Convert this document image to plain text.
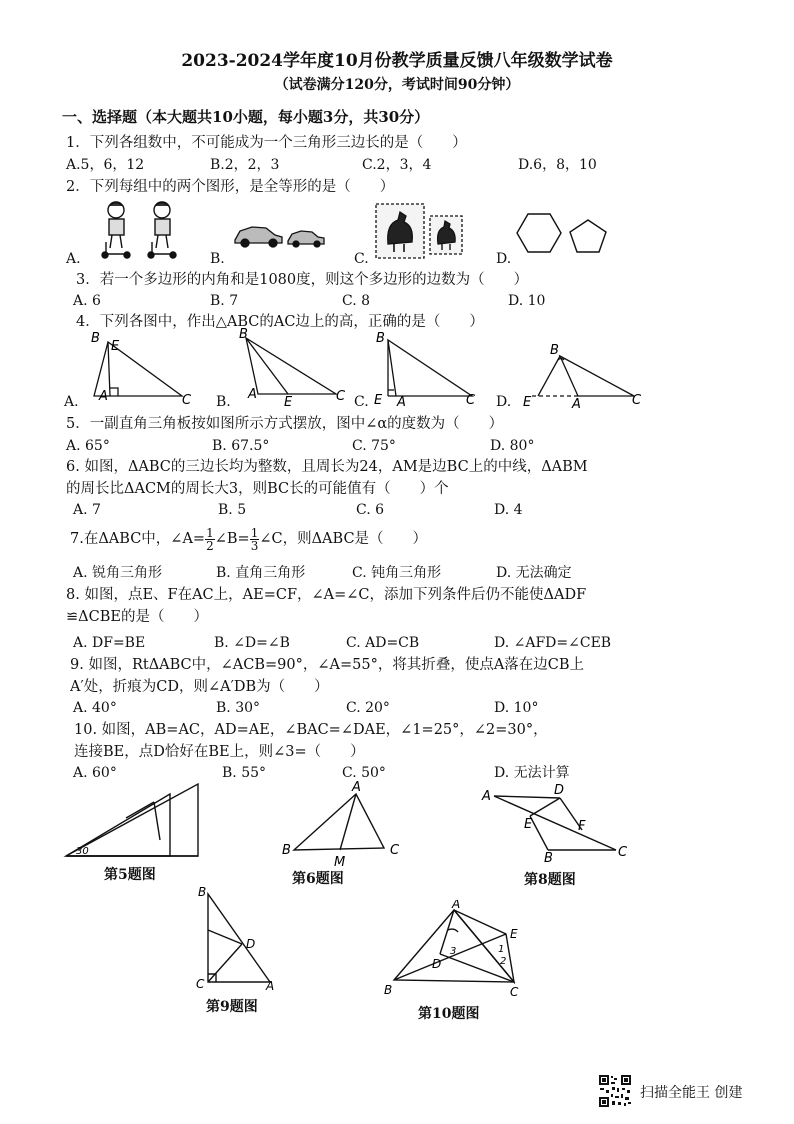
2023-2024学年度10月份教学质量反馈八年级数学试卷
（试卷满分120分，考试时间90分钟）
一、选择题（本大题共10小题，每小题3分，共30分）
1．下列各组数中，不可能成为一个三角形三边长的是（　　）
A.5，6，12	B.2，2，3	C.2，3，4	D.6，8，10
2．下列每组中的两个图形，是全等形的是（　　）
A.	B.	C.	D.
3．若一个多边形的内角和是1080度，则这个多边形的边数为（　　）
A. 6	B. 7	C. 8	D. 10
4．下列各图中，作出△ABC的AC边上的高，正确的是（　　）
B
E
A	C
A.
B
A
E	C
B.
B
E A	C
C.
B
E	A	C
D.
5．一副直角三角板按如图所示方式摆放，图中∠α的度数为（　　）
A. 65°	B. 67.5°	C. 75°	D. 80°
6. 如图，ΔABC的三边长均为整数，且周长为24，AM是边BC上的中线，ΔABM
的周长比ΔACM的周长大3，则BC长的可能值有（　　）个
A. 7	B. 5	C. 6	D. 4
7.在ΔABC中，∠A= $\frac{1}{2}$ ∠B= $\frac{1}{3}$ ∠C，则ΔABC是（　　）
A. 锐角三角形	B. 直角三角形	C. 钝角三角形	D. 无法确定
8. 如图，点E、F在AC上，AE=CF，∠A=∠C，添加下列条件后仍不能使ΔADF
≌ΔCBE的是（　　）
A. DF=BE	B. ∠D=∠B	C. AD=CB	D. ∠AFD=∠CEB
9. 如图，RtΔABC中，∠ACB=90°，∠A=55°，将其折叠，使点A落在边CB上
A′处，折痕为CD，则∠A′DB为（　　）
A. 40°	B. 30°	C. 20°	D. 10°
10. 如图，AB=AC，AD=AE，∠BAC=∠DAE，∠1=25°，∠2=30°，
连接BE，点D恰好在BE上，则∠3=（　　）
A. 60°	B. 55°	C. 50°	D. 无法计算
30
第5题图
A
B	C
M
第6题图
A	D
E	F
B	C
第8题图
B
D
C	A
第9题图
A
B	C
D
E
1
2
3
第10题图
扫描全能王 创建
